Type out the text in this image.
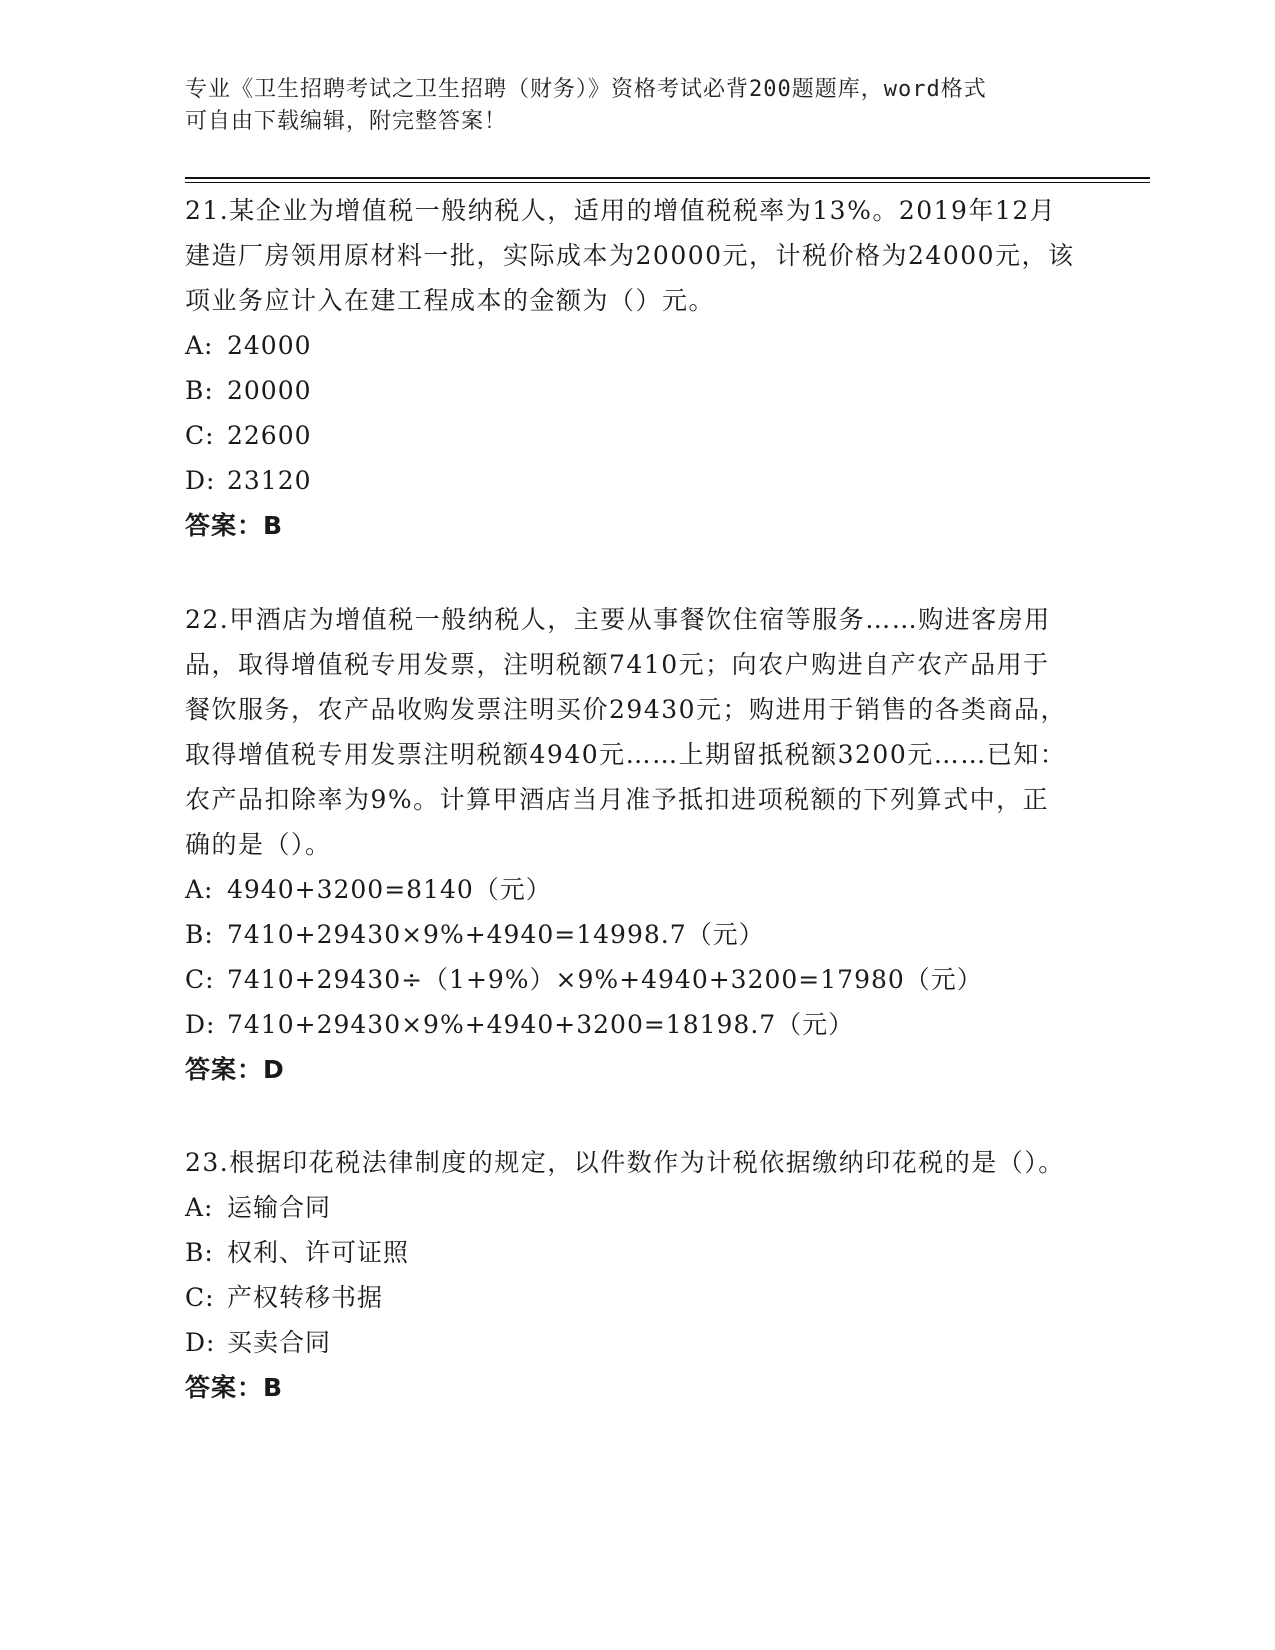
专业《卫生招聘考试之卫生招聘（财务）》资格考试必背200题题库，word格式
可自由下载编辑，附完整答案！

21.某企业为增值税一般纳税人，适用的增值税税率为13%。2019年12月建造厂房领用原材料一批，实际成本为20000元，计税价格为24000元，该项业务应计入在建工程成本的金额为（）元。

A: 24000
B: 20000
C: 22600
D: 23120
答案：B

22.甲酒店为增值税一般纳税人，主要从事餐饮住宿等服务……购进客房用品，取得增值税专用发票，注明税额7410元；向农户购进自产农产品用于餐饮服务，农产品收购发票注明买价29430元；购进用于销售的各类商品，取得增值税专用发票注明税额4940元……上期留抵税额3200元……已知：农产品扣除率为9%。计算甲酒店当月准予抵扣进项税额的下列算式中，正确的是（）。

A: 4940+3200=8140（元）
B: 7410+29430×9%+4940=14998.7（元）
C: 7410+29430÷（1+9%）×9%+4940+3200=17980（元）
D: 7410+29430×9%+4940+3200=18198.7（元）
答案：D

23.根据印花税法律制度的规定，以件数作为计税依据缴纳印花税的是（）。

A: 运输合同
B: 权利、许可证照
C: 产权转移书据
D: 买卖合同
答案：B
